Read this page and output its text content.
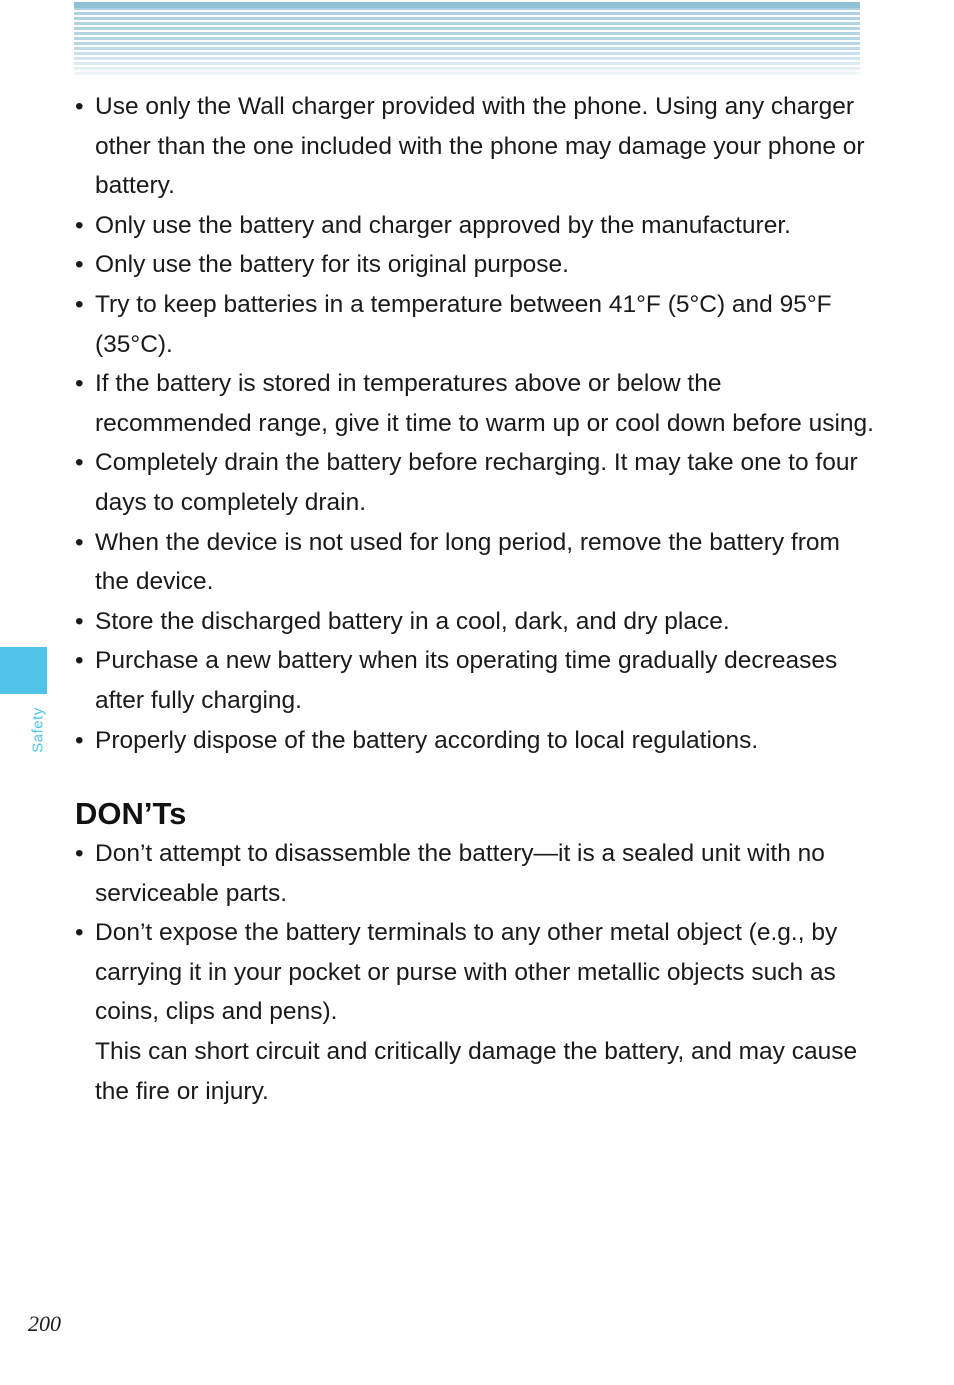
Safety
• Use only the Wall charger provided with the phone. Using any charger other than the one included with the phone may damage your phone or battery.
• Only use the battery and charger approved by the manufacturer.
• Only use the battery for its original purpose.
• Try to keep batteries in a temperature between 41°F (5°C) and 95°F (35°C).
• If the battery is stored in temperatures above or below the recommended range, give it time to warm up or cool down before using.
• Completely drain the battery before recharging. It may take one to four days to completely drain.
• When the device is not used for long period, remove the battery from the device.
• Store the discharged battery in a cool, dark, and dry place.
• Purchase a new battery when its operating time gradually decreases after fully charging.
• Properly dispose of the battery according to local regulations.
DON’Ts
• Don’t attempt to disassemble the battery—it is a sealed unit with no serviceable parts.
• Don’t expose the battery terminals to any other metal object (e.g., by carrying it in your pocket or purse with other metallic objects such as coins, clips and pens).
This can short circuit and critically damage the battery, and may cause the fire or injury.
200
